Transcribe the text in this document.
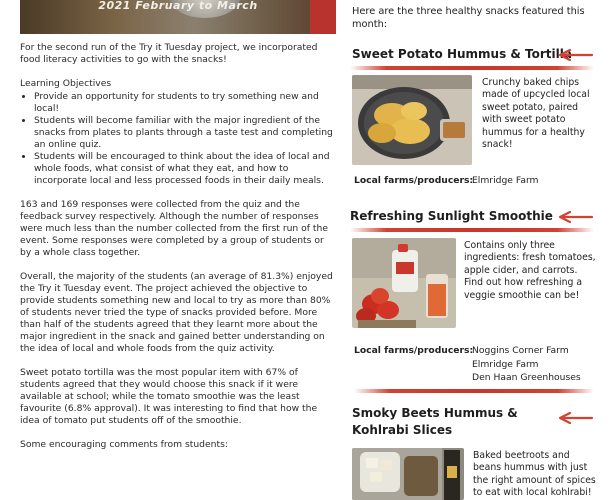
2021 February to March

For the second run of the Try it Tuesday project, we incorporated food literacy activities to go with the snacks!

Learning Objectives
• Provide an opportunity for students to try something new and local!
• Students will become familiar with the major ingredient of the snacks from plates to plants through a taste test and completing an online quiz.
• Students will be encouraged to think about the idea of local and whole foods, what consist of what they eat, and how to incorporate local and less processed foods in their daily meals.

163 and 169 responses were collected from the quiz and the feedback survey respectively. Although the number of responses were much less than the number collected from the first run of the event. Some responses were completed by a group of students or by a whole class together.

Overall, the majority of the students (an average of 81.3%) enjoyed the Try it Tuesday event. The project achieved the objective to provide students something new and local to try as more than 80% of students never tried the type of snacks provided before. More than half of the students agreed that they learnt more about the major ingredient in the snack and gained better understanding on the idea of local and whole foods from the quiz activity.

Sweet potato tortilla was the most popular item with 67% of students agreed that they would choose this snack if it were available at school; while the tomato smoothie was the least favourite (6.8% approval). It was interesting to find that how the idea of tomato put students off of the smoothie.

Some encouraging comments from students:

Here are the three healthy snacks featured this month:
Sweet Potato Hummus & Tortilla
Crunchy baked chips made of upcycled local sweet potato, paired with sweet potato hummus for a healthy snack!
Local farms/producers:
Elmridge Farm
Refreshing Sunlight Smoothie
Contains only three ingredients: fresh tomatoes, apple cider, and carrots. Find out how refreshing a veggie smoothie can be!
Local farms/producers:
Noggins Corner Farm
Elmridge Farm
Den Haan Greenhouses
Smoky Beets Hummus &
Kohlrabi Slices
Baked beetroots and beans hummus with just the right amount of spices to eat with local kohlrabi!
